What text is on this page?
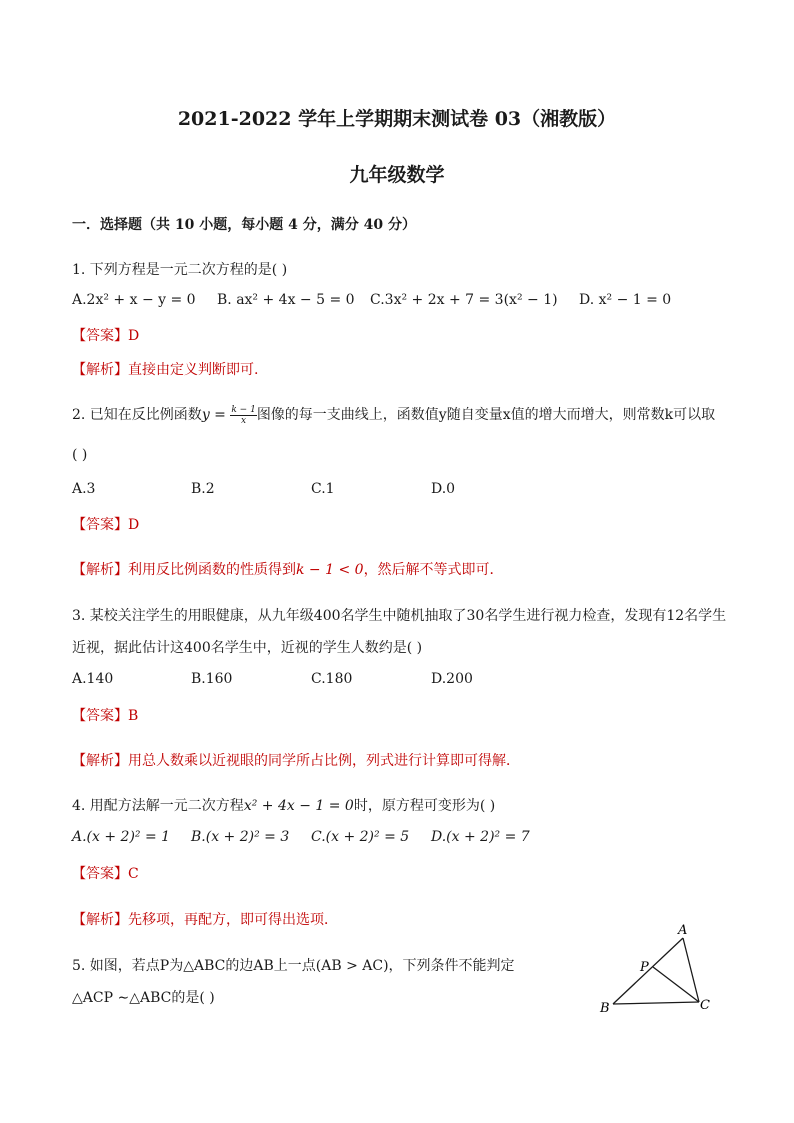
2021-2022 学年上学期期末测试卷 03（湘教版）
九年级数学
一．选择题（共 10 小题，每小题 4 分，满分 40 分）
1. 下列方程是一元二次方程的是( )
A.2x² + x − y = 0 B. ax² + 4x − 5 = 0 C.3x² + 2x + 7 = 3(x² − 1) D. x² − 1 = 0
【答案】D
【解析】直接由定义判断即可.
2. 已知在反比例函数$y = \frac{k - 1}{x}$ 图像的每一支曲线上，函数值y随自变量x值的增大而增大，则常数k可以取
( )
A.3	B.2	C.1	D.0
【答案】D
【解析】利用反比例函数的性质得到k − 1 < 0，然后解不等式即可．
3. 某校关注学生的用眼健康，从九年级400名学生中随机抽取了30名学生进行视力检查，发现有12名学生
近视，据此估计这400名学生中，近视的学生人数约是( )
A.140	B.160	C.180	D.200
【答案】B
【解析】用总人数乘以近视眼的同学所占比例，列式进行计算即可得解．
4. 用配方法解一元二次方程x² + 4x − 1 = 0时，原方程可变形为( )
A.(x + 2)² = 1 B.(x + 2)² = 3 C.(x + 2)² = 5 D.(x + 2)² = 7
【答案】C
【解析】先移项，再配方，即可得出选项．
5. 如图，若点P为△ABC的边AB上一点(AB > AC)，下列条件不能判定
△ACP ∼△ABC的是( )
A
P
B	C
